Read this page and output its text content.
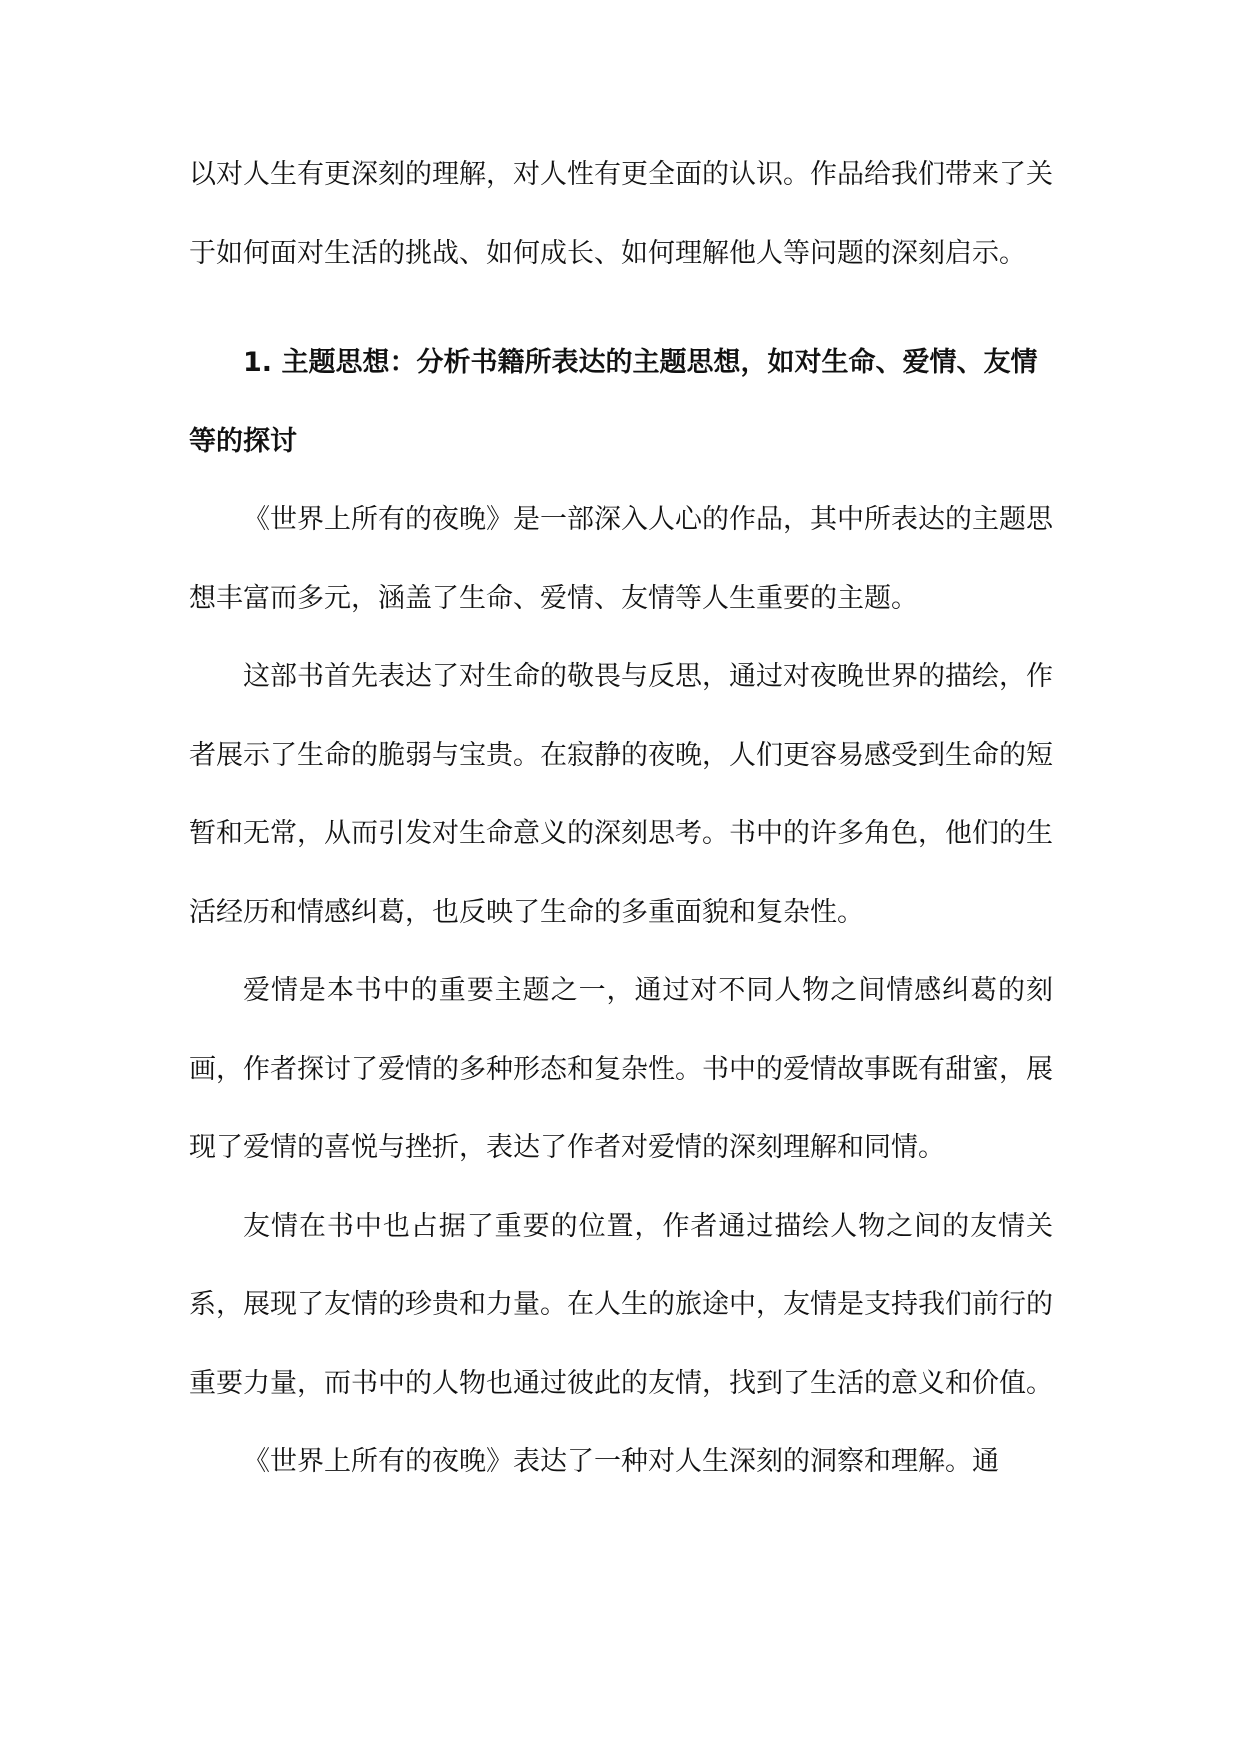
以对人生有更深刻的理解，对人性有更全面的认识。作品给我们带来了关于如何面对生活的挑战、如何成长、如何理解他人等问题的深刻启示。

1. 主题思想：分析书籍所表达的主题思想，如对生命、爱情、友情等的探讨

《世界上所有的夜晚》是一部深入人心的作品，其中所表达的主题思想丰富而多元，涵盖了生命、爱情、友情等人生重要的主题。

这部书首先表达了对生命的敬畏与反思，通过对夜晚世界的描绘，作者展示了生命的脆弱与宝贵。在寂静的夜晚，人们更容易感受到生命的短暂和无常，从而引发对生命意义的深刻思考。书中的许多角色，他们的生活经历和情感纠葛，也反映了生命的多重面貌和复杂性。

爱情是本书中的重要主题之一，通过对不同人物之间情感纠葛的刻画，作者探讨了爱情的多种形态和复杂性。书中的爱情故事既有甜蜜，展现了爱情的喜悦与挫折，表达了作者对爱情的深刻理解和同情。

友情在书中也占据了重要的位置，作者通过描绘人物之间的友情关系，展现了友情的珍贵和力量。在人生的旅途中，友情是支持我们前行的重要力量，而书中的人物也通过彼此的友情，找到了生活的意义和价值。

《世界上所有的夜晚》表达了一种对人生深刻的洞察和理解。通
